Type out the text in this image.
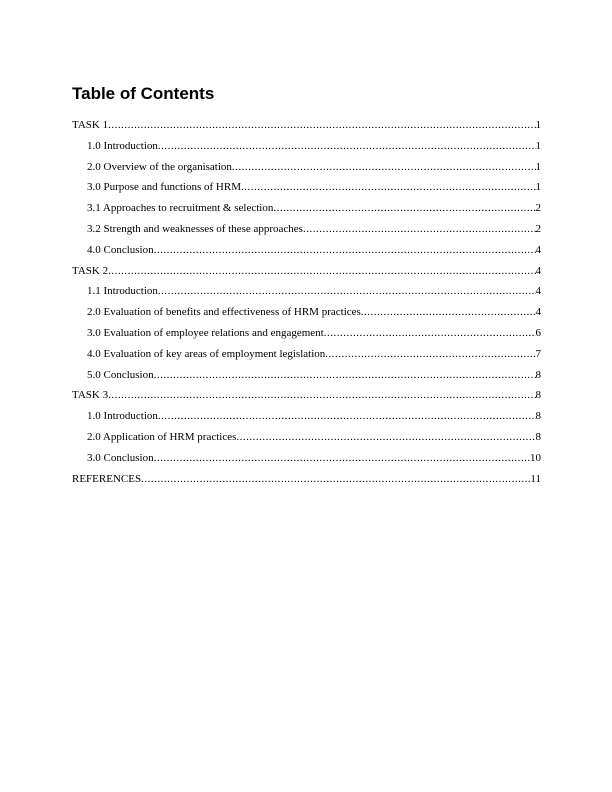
Table of Contents
TASK 1 .....	1
1.0 Introduction .....	1
2.0 Overview of the organisation .....	1
3.0 Purpose and functions of HRM .....	1
3.1 Approaches to recruitment & selection .....	2
3.2 Strength and weaknesses of these approaches .....	2
4.0 Conclusion .....	4
TASK 2 .....	4
1.1 Introduction .....	4
2.0 Evaluation of benefits and effectiveness of HRM practices .....	4
3.0 Evaluation of employee relations and engagement .....	6
4.0 Evaluation of key areas of employment legislation .....	7
5.0 Conclusion .....	8
TASK 3 .....	8
1.0 Introduction .....	8
2.0 Application of HRM practices .....	8
3.0 Conclusion .....	10
REFERENCES .....	11
